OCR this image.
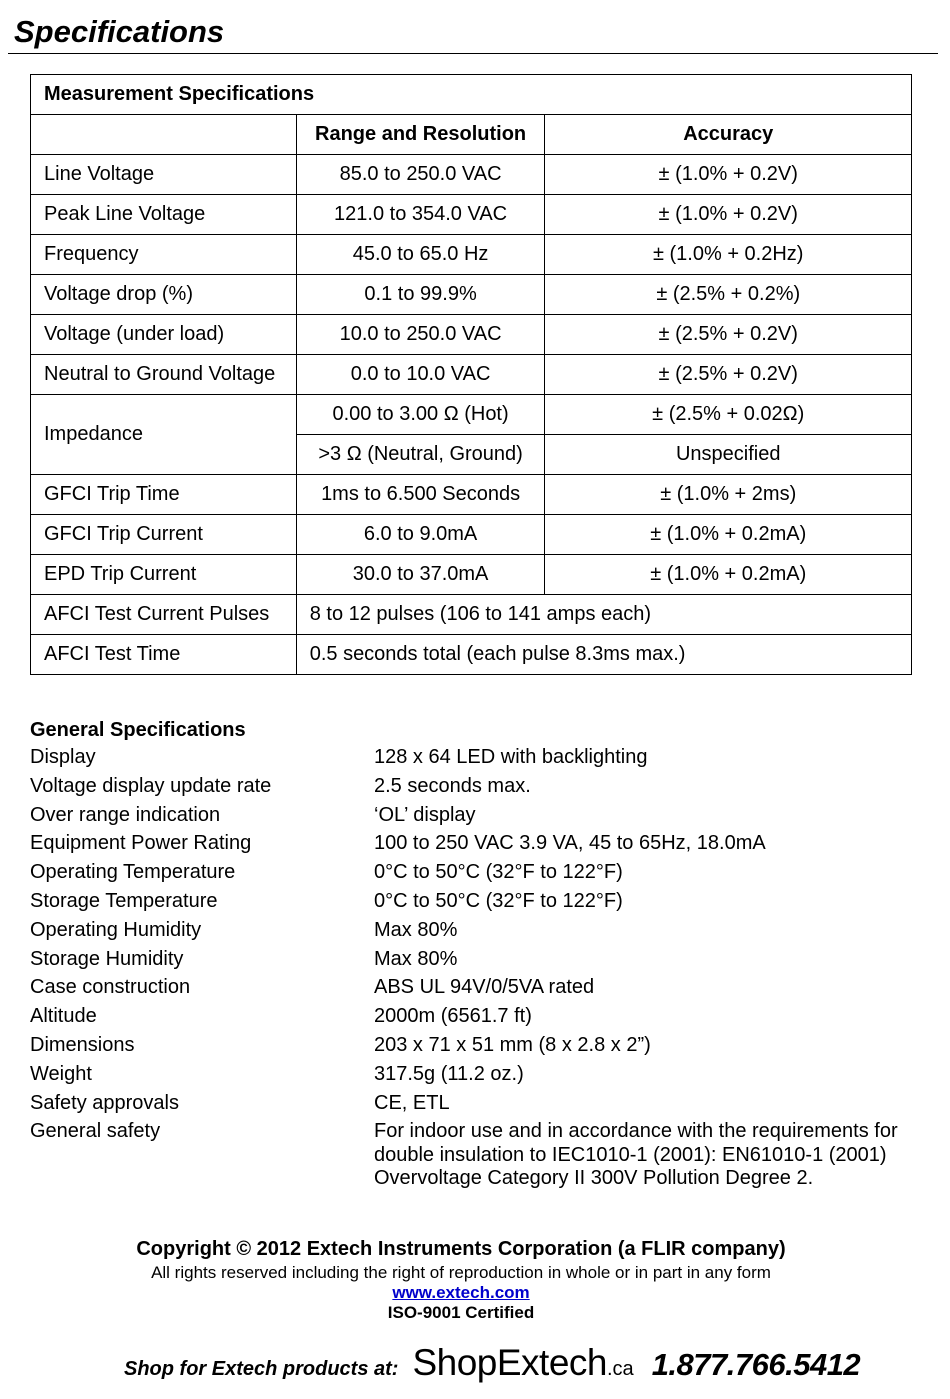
Specifications
Measurement Specifications		
	Range and Resolution	Accuracy
Line Voltage	85.0 to 250.0 VAC	± (1.0% + 0.2V)
Peak Line Voltage	121.0 to 354.0 VAC	± (1.0% + 0.2V)
Frequency	45.0 to 65.0 Hz	± (1.0% + 0.2Hz)
Voltage drop (%)	0.1 to 99.9%	± (2.5% + 0.2%)
Voltage (under load)	10.0 to 250.0 VAC	± (2.5% + 0.2V)
Neutral to Ground Voltage	0.0 to 10.0 VAC	± (2.5% + 0.2V)
Impedance	0.00 to 3.00 Ω (Hot)	± (2.5% + 0.02Ω)
	>3 Ω (Neutral, Ground)	Unspecified
GFCI Trip Time	1ms to 6.500 Seconds	± (1.0% + 2ms)
GFCI Trip Current	6.0 to 9.0mA	± (1.0% + 0.2mA)
EPD Trip Current	30.0 to 37.0mA	± (1.0% + 0.2mA)
AFCI Test Current Pulses	8 to 12 pulses (106 to 141 amps each)	
AFCI Test Time	0.5 seconds total (each pulse 8.3ms max.)	
General Specifications
Display	128 x 64 LED with backlighting
Voltage display update rate	2.5 seconds max.
Over range indication	‘OL’ display
Equipment Power Rating	100 to 250 VAC 3.9 VA, 45 to 65Hz, 18.0mA
Operating Temperature	0°C to 50°C (32°F to 122°F)
Storage Temperature	0°C to 50°C (32°F to 122°F)
Operating Humidity	Max 80%
Storage Humidity	Max 80%
Case construction	ABS UL 94V/0/5VA rated
Altitude	2000m (6561.7 ft)
Dimensions	203 x 71 x 51 mm (8 x 2.8 x 2”)
Weight	317.5g (11.2 oz.)
Safety approvals	CE, ETL
General safety	For indoor use and in accordance with the requirements for
double insulation to IEC1010-1 (2001): EN61010-1 (2001)
Overvoltage Category II 300V Pollution Degree 2.
Copyright © 2012 Extech Instruments Corporation (a FLIR company)
All rights reserved including the right of reproduction in whole or in part in any form
www.extech.com
ISO-9001 Certified
Shop for Extech products at: ShopExtech .ca 1.877.766.5412
